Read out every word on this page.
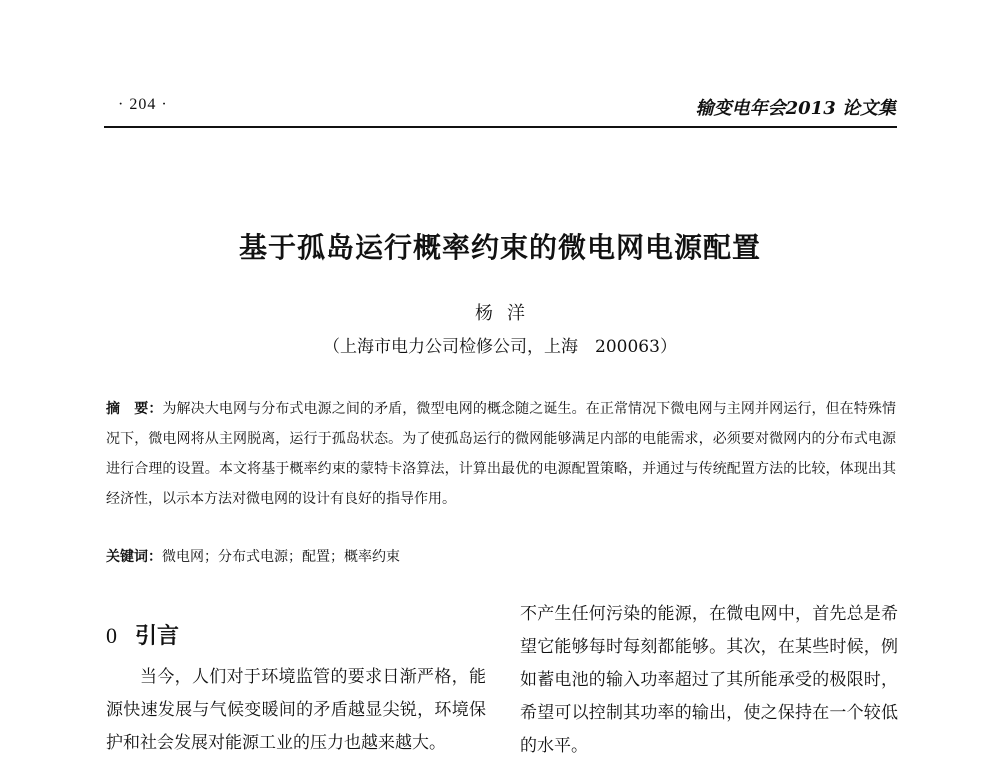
· 204 ·	输变电年会2013 论文集
基于孤岛运行概率约束的微电网电源配置
杨洋
（上海市电力公司检修公司，上海　200063）
摘　要：为解决大电网与分布式电源之间的矛盾，微型电网的概念随之诞生。在正常情况下微电网与主网并网运行，但在特殊情况下，微电网将从主网脱离，运行于孤岛状态。为了使孤岛运行的微网能够满足内部的电能需求，必须要对微网内的分布式电源进行合理的设置。本文将基于概率约束的蒙特卡洛算法，计算出最优的电源配置策略，并通过与传统配置方法的比较，体现出其经济性，以示本方法对微电网的设计有良好的指导作用。
关键词：微电网；分布式电源；配置；概率约束
0 引言
当今，人们对于环境监管的要求日渐严格，能源快速发展与气候变暖间的矛盾越显尖锐，环境保护和社会发展对能源工业的压力也越来越大。
不产生任何污染的能源，在微电网中，首先总是希望它能够每时每刻都能够。其次，在某些时候，例如蓄电池的输入功率超过了其所能承受的极限时，希望可以控制其功率的输出，使之保持在一个较低的水平。
